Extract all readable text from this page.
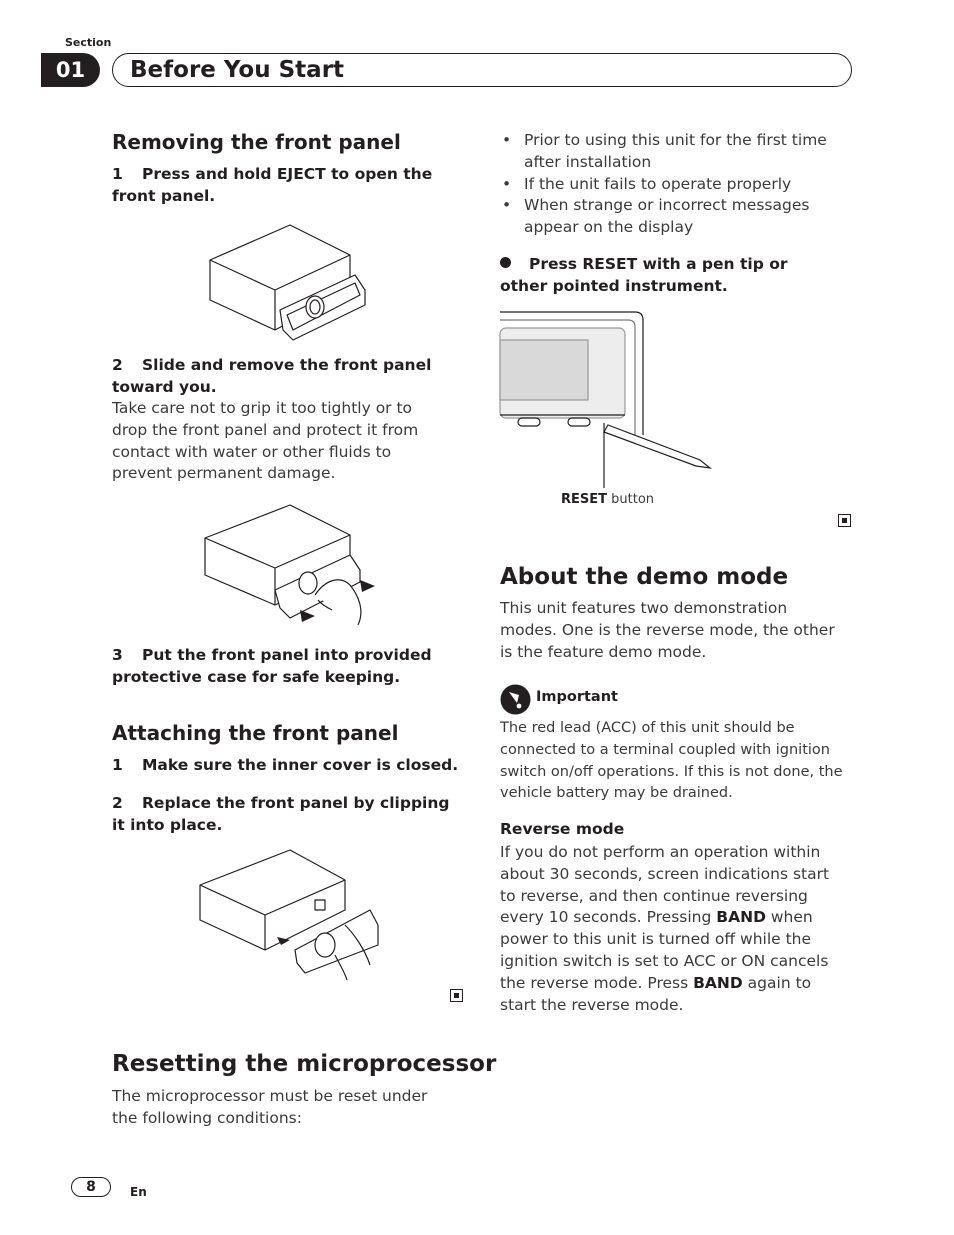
Section
01	Before You Start
Removing the front panel
1 Press and hold EJECT to open the front panel.
2 Slide and remove the front panel toward you.
Take care not to grip it too tightly or to drop the front panel and protect it from contact with water or other fluids to prevent permanent damage.
3 Put the front panel into provided protective case for safe keeping.
Attaching the front panel
1 Make sure the inner cover is closed.
2 Replace the front panel by clipping it into place.
Resetting the microprocessor
The microprocessor must be reset under the following conditions:
• Prior to using this unit for the first time after installation
• If the unit fails to operate properly
• When strange or incorrect messages appear on the display
Press RESET with a pen tip or other pointed instrument.
RESET button
About the demo mode
This unit features two demonstration modes. One is the reverse mode, the other is the feature demo mode.
Important
The red lead (ACC) of this unit should be connected to a terminal coupled with ignition switch on/off operations. If this is not done, the vehicle battery may be drained.
Reverse mode
If you do not perform an operation within about 30 seconds, screen indications start to reverse, and then continue reversing every 10 seconds. Pressing BAND when power to this unit is turned off while the ignition switch is set to ACC or ON cancels the reverse mode. Press BAND again to start the reverse mode.
8	En
